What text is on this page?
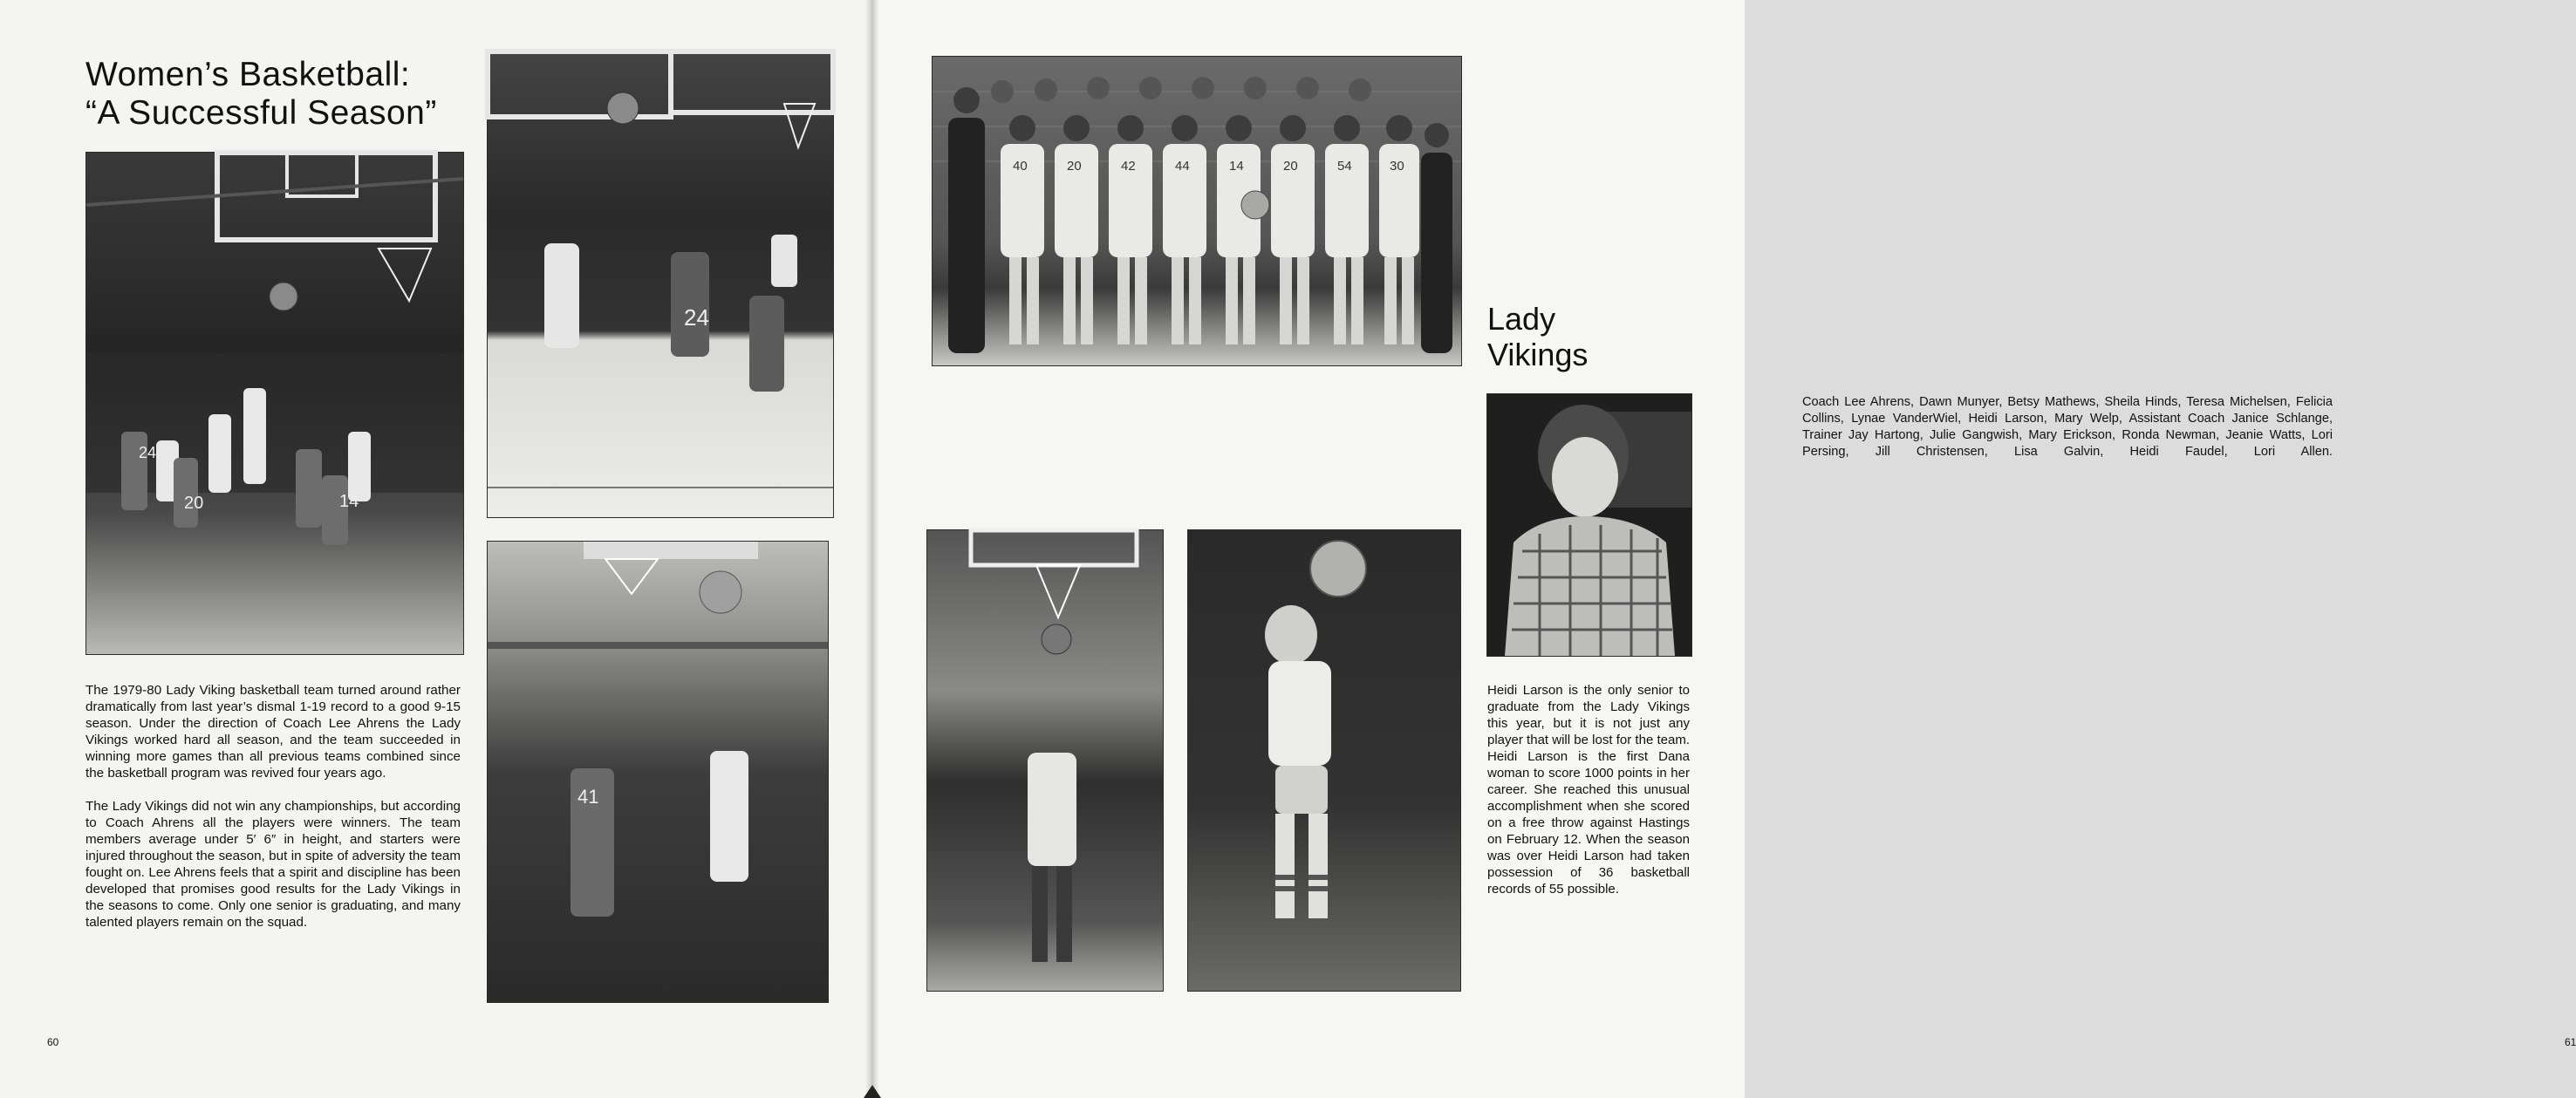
Women’s Basketball:
“A Successful Season”
20	14
24
24
41

The 1979-80 Lady Viking basketball team turned around rather dramatically from last year’s dismal 1-19 record to a good 9-15 season. Under the direction of Coach Lee Ahrens the Lady Vikings worked hard all season, and the team succeeded in winning more games than all previous teams combined since the basketball program was revived four years ago.

The Lady Vikings did not win any championships, but according to Coach Ahrens all the players were winners. The team members average under 5′ 6″ in height, and starters were injured throughout the season, but in spite of adversity the team fought on. Lee Ahrens feels that a spirit and discipline has been developed that promises good results for the Lady Vikings in the seasons to come. Only one senior is graduating, and many talented players remain on the squad.

60
40	20	42	44	14	20	54	30

Coach Lee Ahrens, Dawn Munyer, Betsy Mathews, Sheila Hinds, Teresa Michelsen, Felicia Collins, Lynae VanderWiel, Heidi Larson, Mary Welp, Assistant Coach Janice Schlange, Trainer Jay Hartong, Julie Gangwish, Mary Erickson, Ronda Newman, Jeanie Watts, Lori Persing, Jill Christensen, Lisa Galvin, Heidi Faudel, Lori Allen.

Lady
Vikings

Heidi Larson is the only senior to graduate from the Lady Vikings this year, but it is not just any player that will be lost for the team. Heidi Larson is the first Dana woman to score 1000 points in her career. She reached this unusual accomplishment when she scored on a free throw against Hastings on February 12. When the season was over Heidi Larson had taken possession of 36 basketball records of 55 possible.

61
